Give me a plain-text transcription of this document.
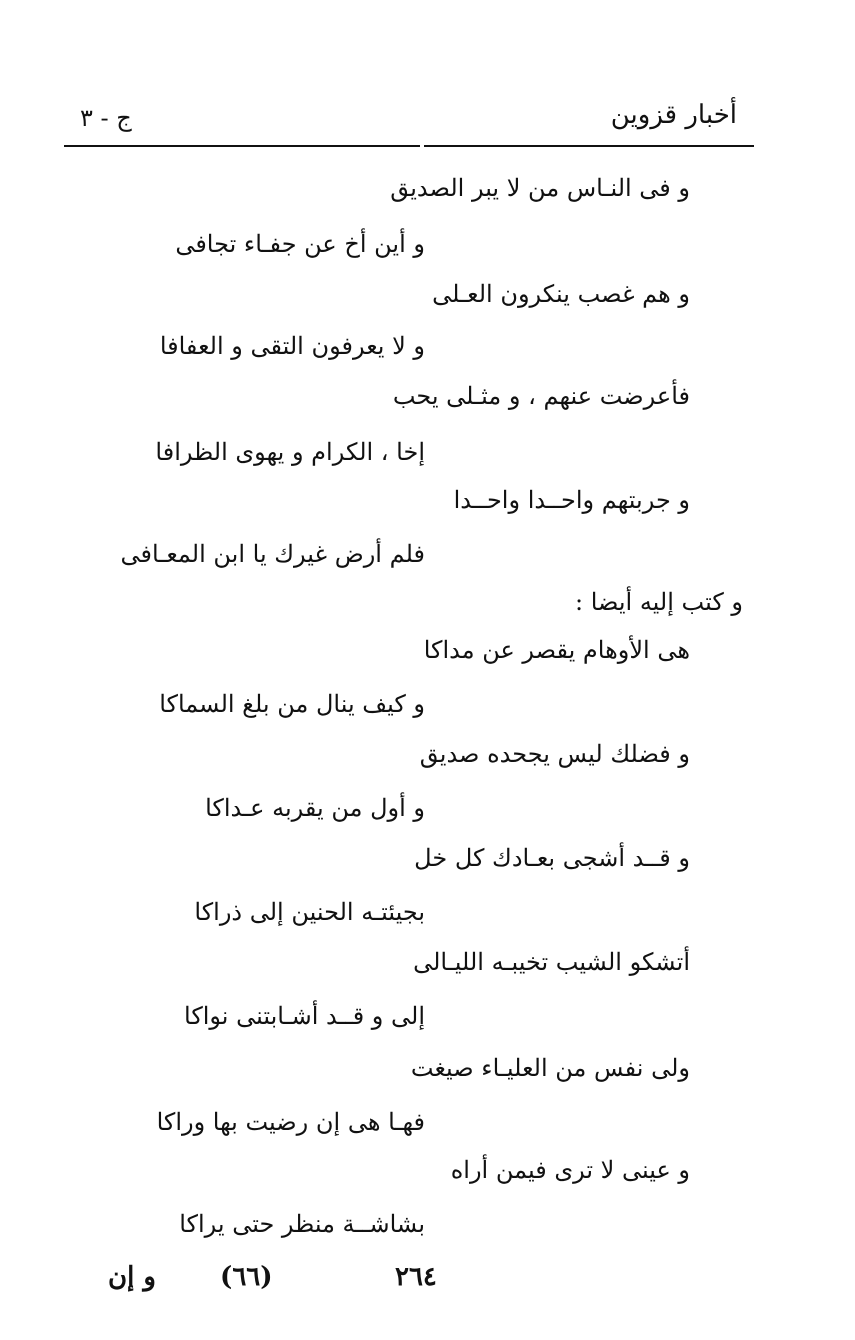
أخبار قزوين
ج - ٣
و فى النـاس من لا يبر الصديق
و أين أخ عن جفـاء تجافى
و هم غصب ينكرون العـلى
و لا يعرفون التقى و العفافا
فأعرضت عنهم ، و مثـلى يحب
إخا ، الكرام و يهوى الظرافا
و جربتهم واحــدا واحــدا
فلم أرض غيرك يا ابن المعـافى
و كتب إليه أيضا :
هى الأوهام يقصر عن مداكا
و كيف ينال من بلغ السماكا
و فضلك ليس يجحده صديق
و أول من يقربه عـداكا
و قــد أشجى بعـادك كل خل
بجيئتـه الحنين إلى ذراكا
أتشكو الشيب تخيبـه الليـالى
إلى و قــد أشـابتنى نواكا
ولى نفس من العليـاء صيغت
فهـا هى إن رضيت بها وراكا
و عينى لا ترى فيمن أراه
بشاشــة منظر حتى يراكا
و إن (٦٦)	٢٦٤
